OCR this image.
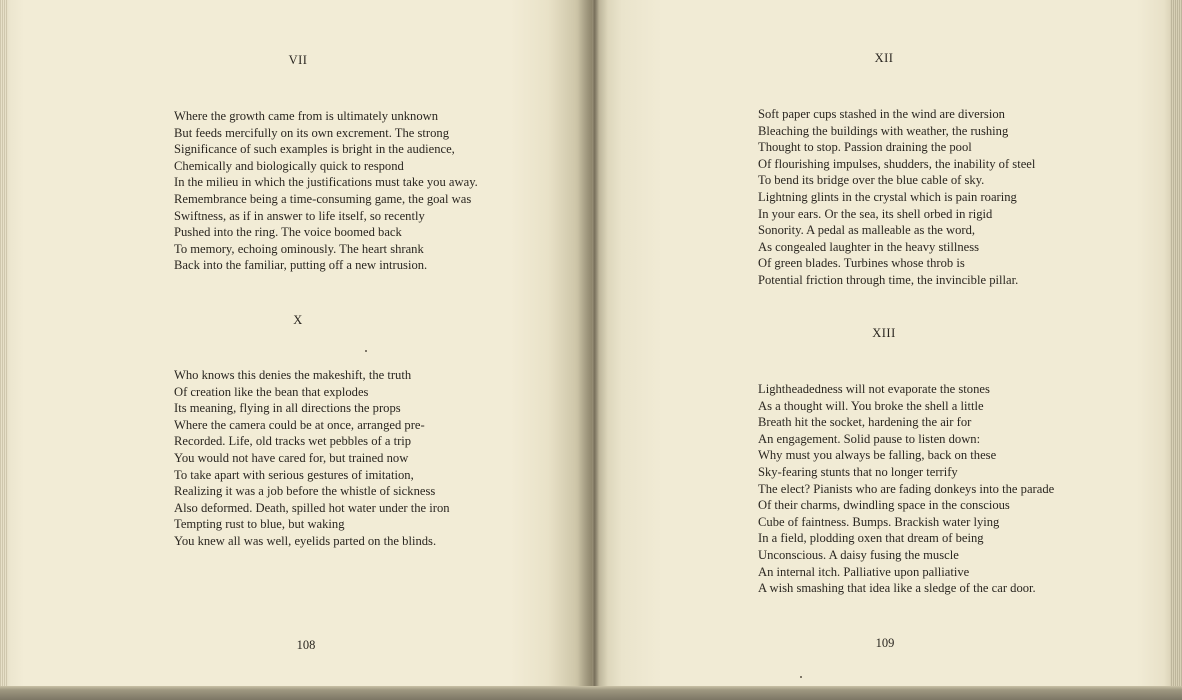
VII
Where the growth came from is ultimately unknown
But feeds mercifully on its own excrement. The strong
Significance of such examples is bright in the audience,
Chemically and biologically quick to respond
In the milieu in which the justifications must take you away.
Remembrance being a time-consuming game, the goal was
Swiftness, as if in answer to life itself, so recently
Pushed into the ring. The voice boomed back
To memory, echoing ominously. The heart shrank
Back into the familiar, putting off a new intrusion.
X
Who knows this denies the makeshift, the truth
Of creation like the bean that explodes
Its meaning, flying in all directions the props
Where the camera could be at once, arranged pre-
Recorded. Life, old tracks wet pebbles of a trip
You would not have cared for, but trained now
To take apart with serious gestures of imitation,
Realizing it was a job before the whistle of sickness
Also deformed. Death, spilled hot water under the iron
Tempting rust to blue, but waking
You knew all was well, eyelids parted on the blinds.
108
XII
Soft paper cups stashed in the wind are diversion
Bleaching the buildings with weather, the rushing
Thought to stop. Passion draining the pool
Of flourishing impulses, shudders, the inability of steel
To bend its bridge over the blue cable of sky.
Lightning glints in the crystal which is pain roaring
In your ears. Or the sea, its shell orbed in rigid
Sonority. A pedal as malleable as the word,
As congealed laughter in the heavy stillness
Of green blades. Turbines whose throb is
Potential friction through time, the invincible pillar.
XIII
Lightheadedness will not evaporate the stones
As a thought will. You broke the shell a little
Breath hit the socket, hardening the air for
An engagement. Solid pause to listen down:
Why must you always be falling, back on these
Sky-fearing stunts that no longer terrify
The elect? Pianists who are fading donkeys into the parade
Of their charms, dwindling space in the conscious
Cube of faintness. Bumps. Brackish water lying
In a field, plodding oxen that dream of being
Unconscious. A daisy fusing the muscle
An internal itch. Palliative upon palliative
A wish smashing that idea like a sledge of the car door.
109
